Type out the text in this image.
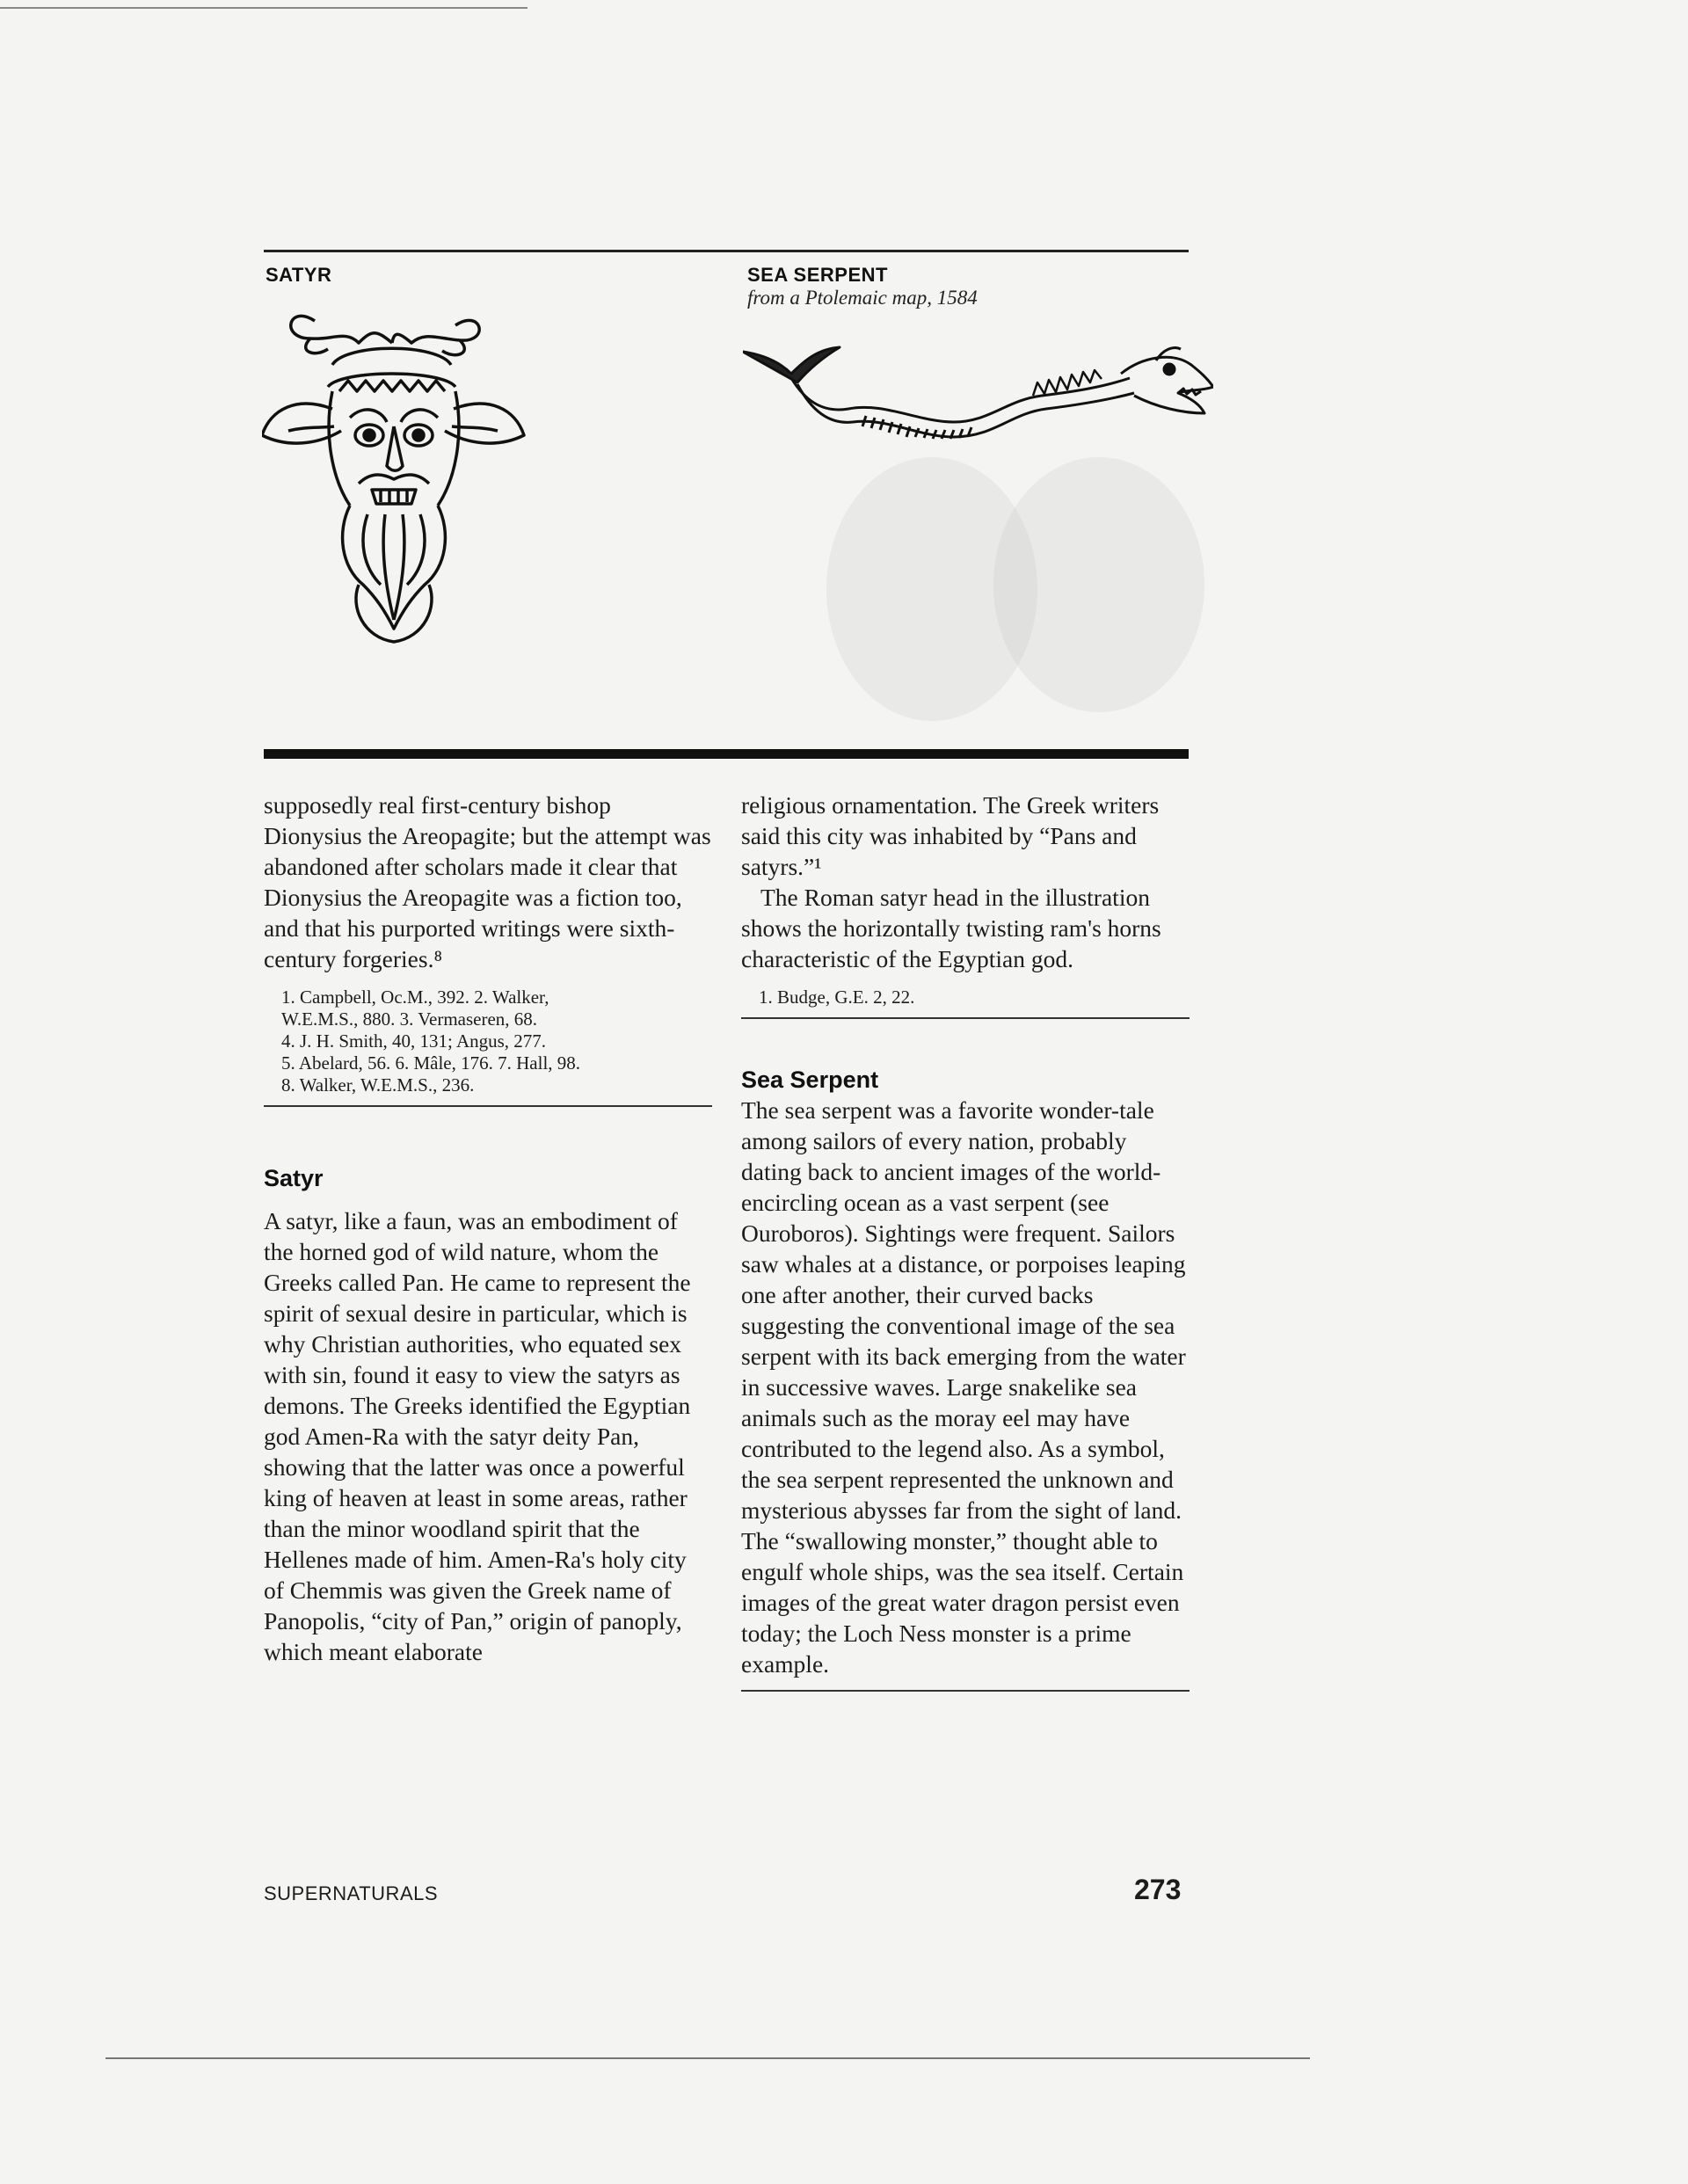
SATYR	SEA SERPENT
from a Ptolemaic map, 1584

supposedly real first-century bishop Dionysius the Areopagite; but the attempt was abandoned after scholars made it clear that Dionysius the Areopagite was a fiction too, and that his purported writings were sixth-century forgeries.⁸

1. Campbell, Oc.M., 392. 2. Walker,
W.E.M.S., 880. 3. Vermaseren, 68.
4. J. H. Smith, 40, 131; Angus, 277.
5. Abelard, 56. 6. Mâle, 176. 7. Hall, 98.
8. Walker, W.E.M.S., 236.
Satyr

A satyr, like a faun, was an embodiment of the horned god of wild nature, whom the Greeks called Pan. He came to represent the spirit of sexual desire in particular, which is why Christian authorities, who equated sex with sin, found it easy to view the satyrs as demons. The Greeks identified the Egyptian god Amen-Ra with the satyr deity Pan, showing that the latter was once a powerful king of heaven at least in some areas, rather than the minor woodland spirit that the Hellenes made of him. Amen-Ra's holy city of Chemmis was given the Greek name of Panopolis, “city of Pan,” origin of panoply, which meant elaborate

religious ornamentation. The Greek writers said this city was inhabited by “Pans and satyrs.”¹

The Roman satyr head in the illustration shows the horizontally twisting ram's horns characteristic of the Egyptian god.

1. Budge, G.E. 2, 22.
Sea Serpent

The sea serpent was a favorite wonder-tale among sailors of every nation, probably dating back to ancient images of the world-encircling ocean as a vast serpent (see Ouroboros). Sightings were frequent. Sailors saw whales at a distance, or porpoises leaping one after another, their curved backs suggesting the conventional image of the sea serpent with its back emerging from the water in successive waves. Large snakelike sea animals such as the moray eel may have contributed to the legend also. As a symbol, the sea serpent represented the unknown and mysterious abysses far from the sight of land. The “swallowing monster,” thought able to engulf whole ships, was the sea itself. Certain images of the great water dragon persist even today; the Loch Ness monster is a prime example.

SUPERNATURALS	273
